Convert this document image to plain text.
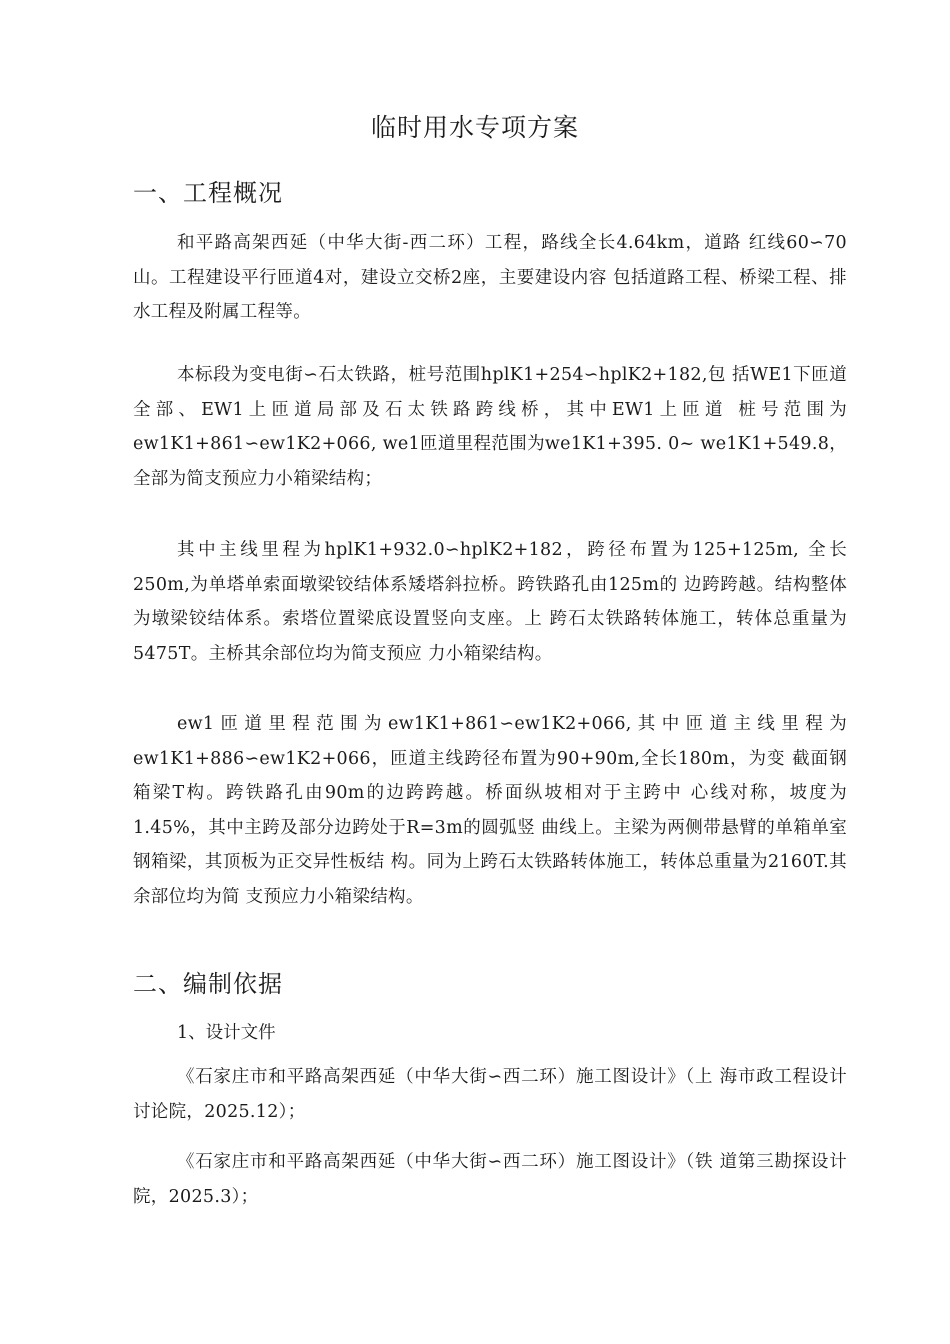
临时用水专项方案
一、工程概况

和平路高架西延（中华大街-西二环）工程，路线全长4.64km，道路 红线60∽70山。工程建设平行匝道4对，建设立交桥2座，主要建设内容 包括道路工程、桥梁工程、排水工程及附属工程等。

本标段为变电街∽石太铁路，桩号范围hplK1+254∽hplK2+182,包 括WE1下匝道全部、EW1上匝道局部及石太铁路跨线桥，其中EW1上匝道 桩号范围为ew1K1+861∽ew1K2+066, we1匝道里程范围为we1K1+395. 0~ we1K1+549.8，全部为简支预应力小箱梁结构；

其中主线里程为hplK1+932.0∽hplK2+182，跨径布置为125+125m, 全长250m,为单塔单索面墩梁铰结体系矮塔斜拉桥。跨铁路孔由125m的 边跨跨越。结构整体为墩梁铰结体系。索塔位置梁底设置竖向支座。上 跨石太铁路转体施工，转体总重量为5475T。主桥其余部位均为简支预应 力小箱梁结构。

ew1匝道里程范围为ew1K1+861∽ew1K2+066,其中匝道主线里程为ew1K1+886∽ew1K2+066，匝道主线跨径布置为90+90m,全长180m，为变 截面钢箱梁T构。跨铁路孔由90m的边跨跨越。桥面纵坡相对于主跨中 心线对称，坡度为1.45%，其中主跨及部分边跨处于R=3m的圆弧竖 曲线上。主梁为两侧带悬臂的单箱单室钢箱梁，其顶板为正交异性板结 构。同为上跨石太铁路转体施工，转体总重量为2160T.其余部位均为简 支预应力小箱梁结构。

二、编制依据
1、设计文件

《石家庄市和平路高架西延（中华大街∽西二环）施工图设计》（上 海市政工程设计讨论院，2025.12）；

《石家庄市和平路高架西延（中华大街∽西二环）施工图设计》（铁 道第三勘探设计院，2025.3）；
